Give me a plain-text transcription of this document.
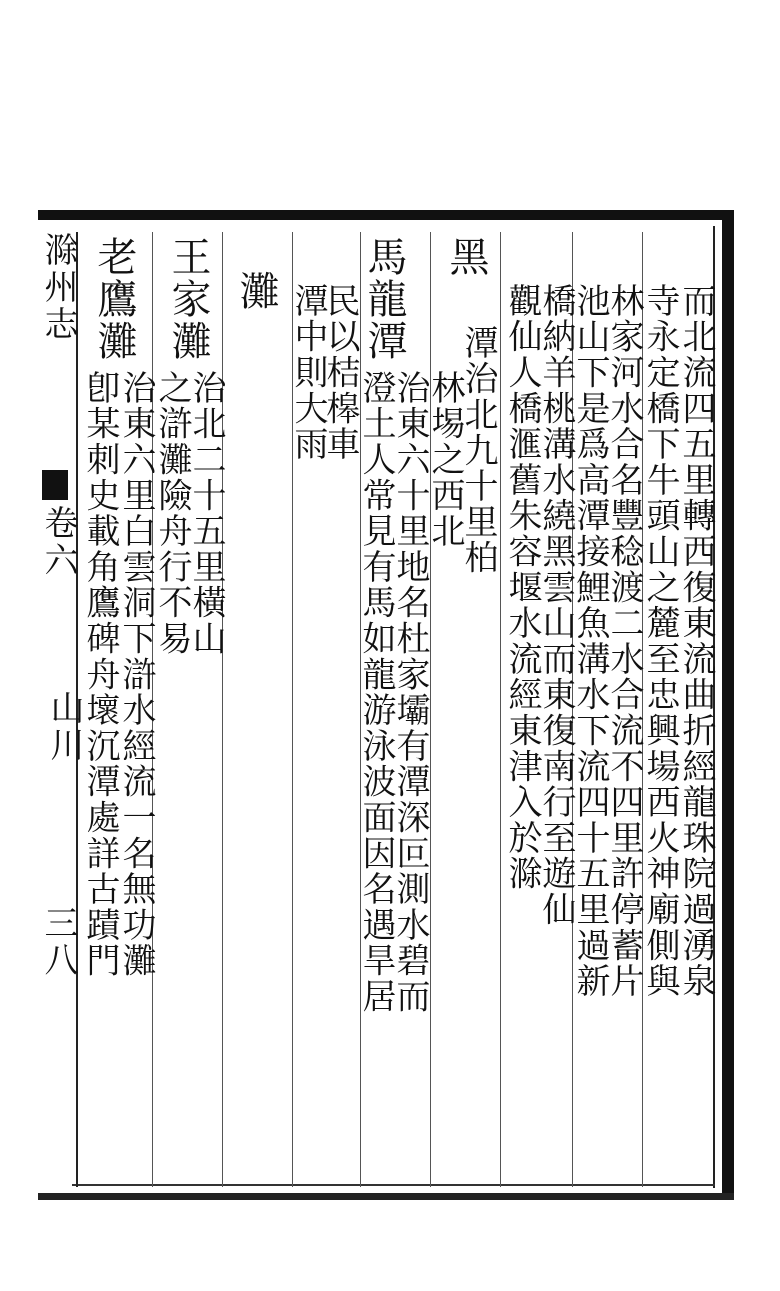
滁州志
卷六
山川
三八	而北流四五里轉西復東流曲折經龍珠院過湧泉
寺永定橋下牛頭山之麓至忠興場西火神廟側與
林家河水合名豐稔渡二水合流不四里許停蓄片
池山下是爲高潭接鯉魚溝水下流四十五里過新
橋納羊桃溝水繞黑雲山而東復南行至遊仙
觀仙人橋滙舊朱容堰水流經東津入於滁
黑
潭治北九十里柏
林埸之西北
馬龍潭
治東六十里地名杜家壩有潭深叵測水碧而
澄土人常見有馬如龍游泳波面因名遇旱居
民以桔槔車
潭中則大雨
灘
王家灘
治北二十五里橫山
之滸灘險舟行不易
老鷹灘
治東六里白雲洞下滸水經流一名無功灘
卽某刺史載角鷹碑舟壞沉潭處詳古蹟門
